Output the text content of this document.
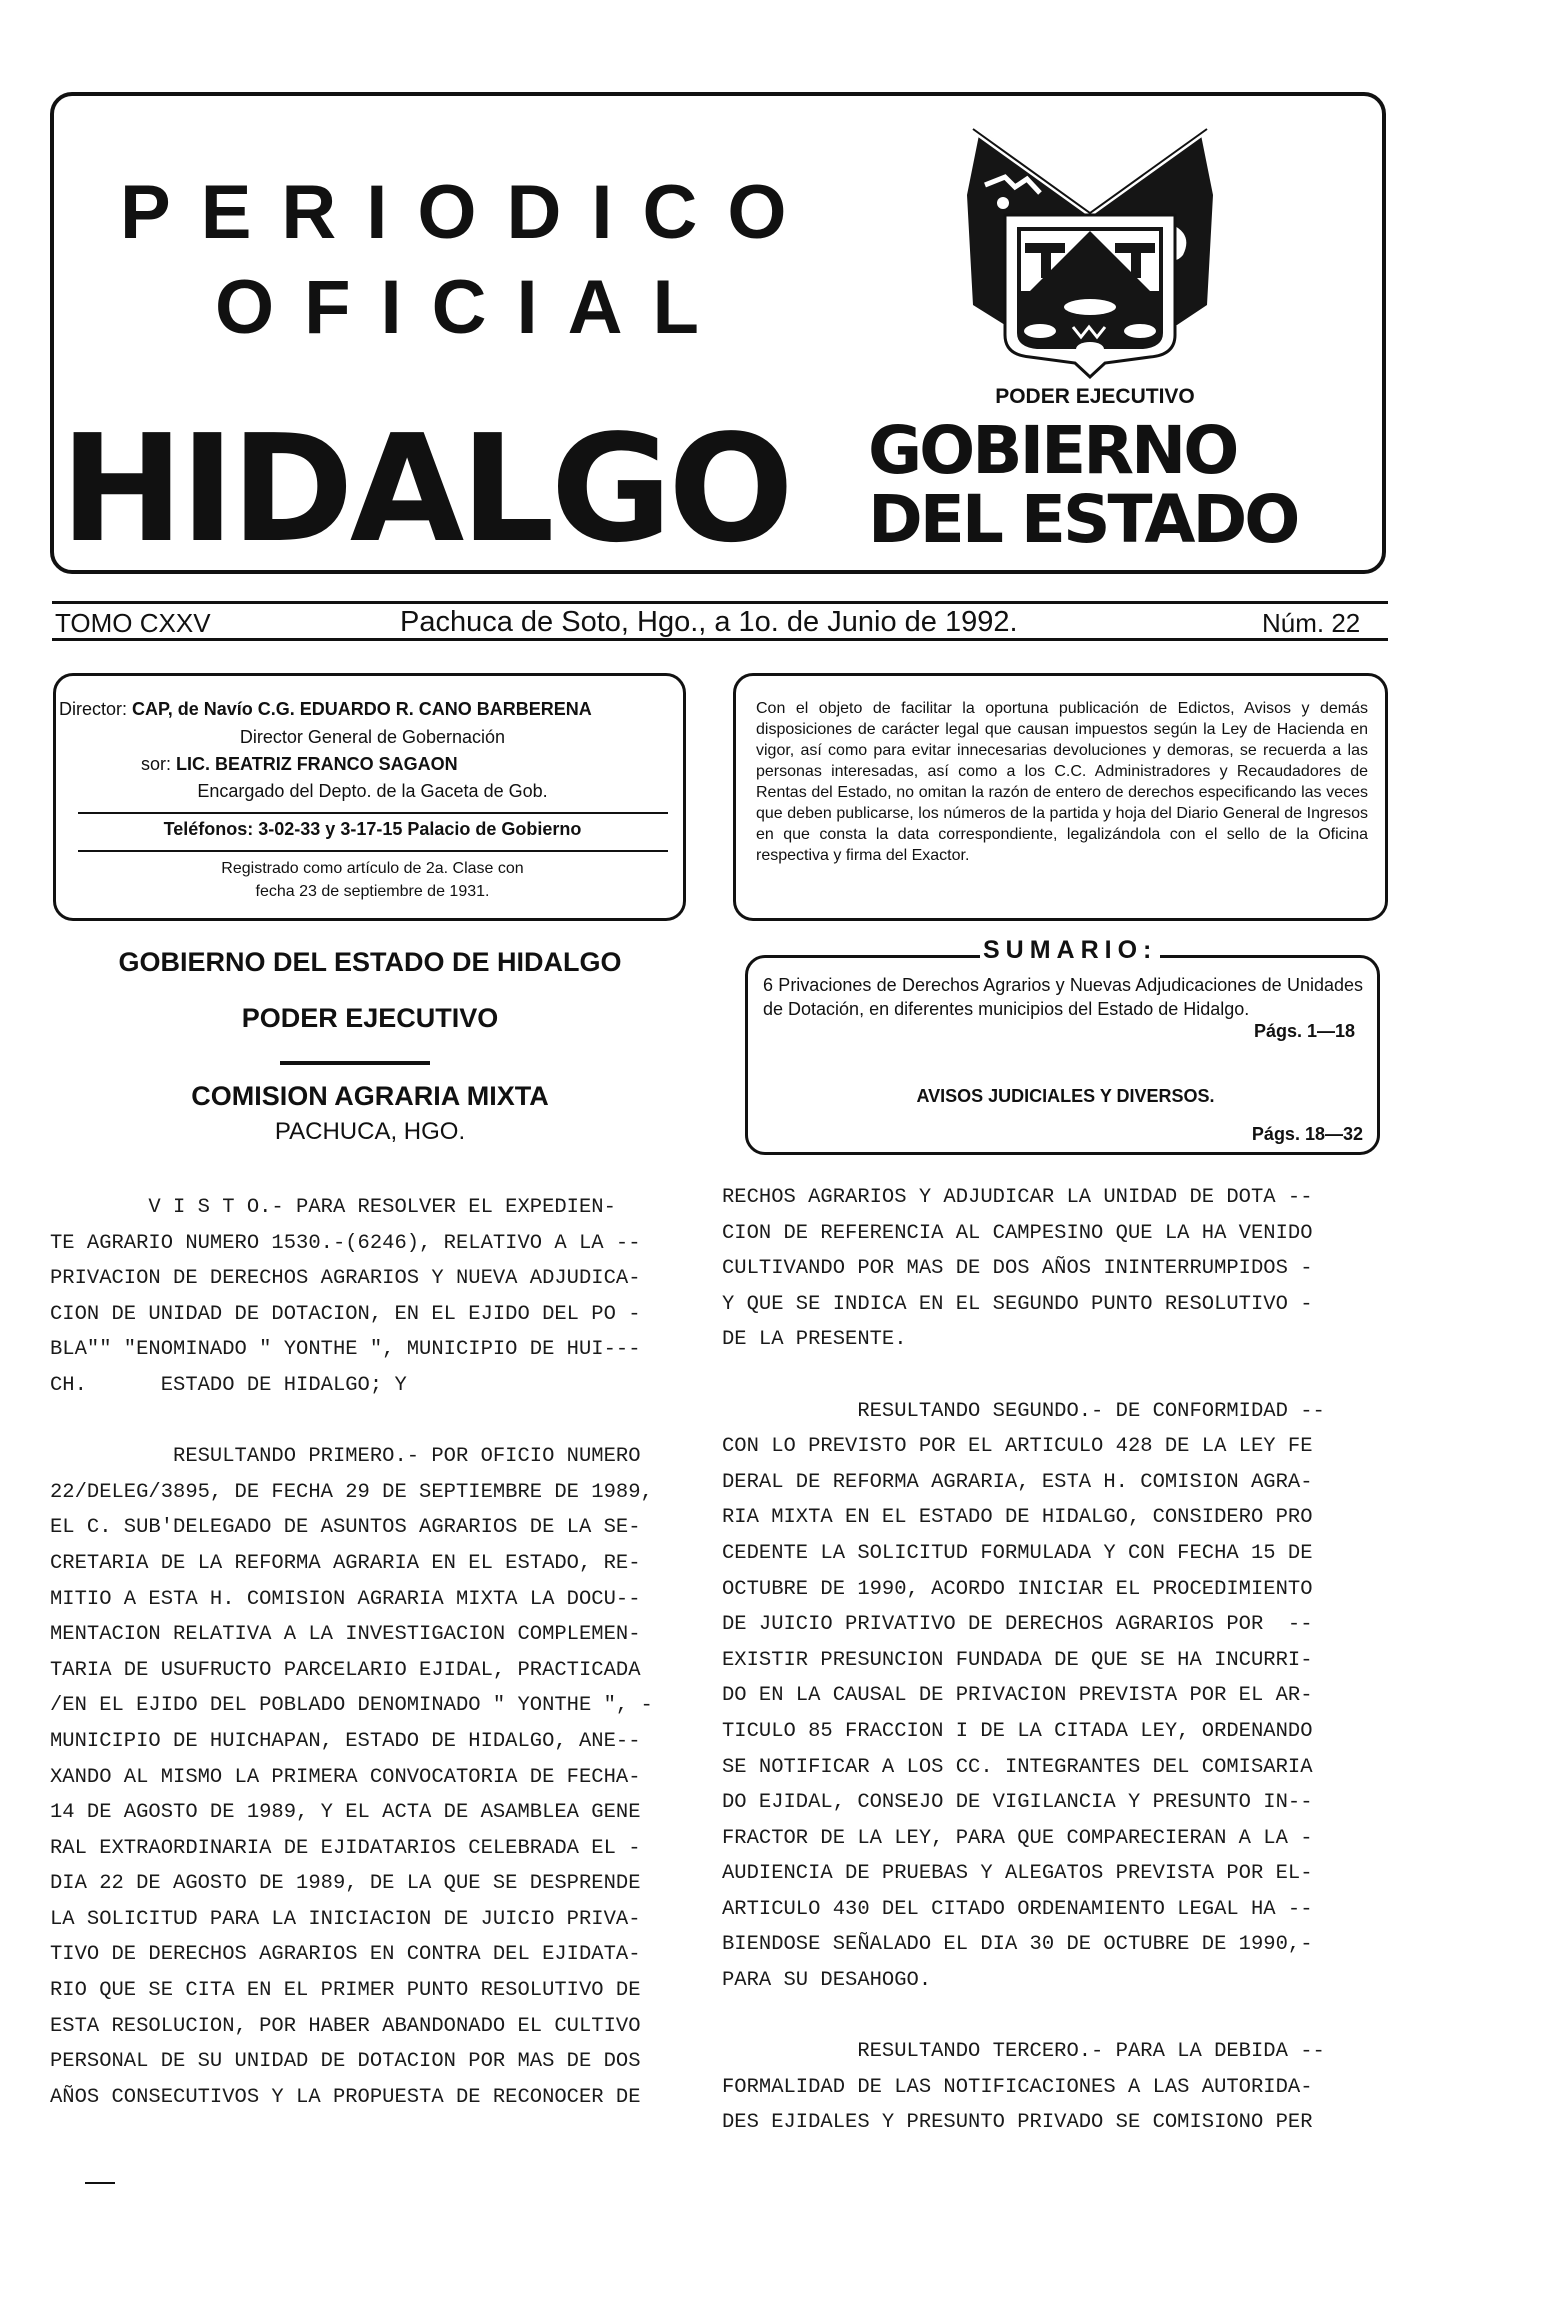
PERIODICO
OFICIAL
PODER EJECUTIVO
HIDALGO GOBIERNO
DEL ESTADO
TOMO CXXV	Pachuca de Soto, Hgo., a 1o. de Junio de 1992.	Núm. 22
Director: CAP, de Navío C.G. EDUARDO R. CANO BARBERENA
Director General de Gobernación
sor: LIC. BEATRIZ FRANCO SAGAON
Encargado del Depto. de la Gaceta de Gob.
Teléfonos: 3-02-33 y 3-17-15 Palacio de Gobierno
Registrado como artículo de 2a. Clase con
fecha 23 de septiembre de 1931.
Con el objeto de facilitar la oportuna publicación de Edictos, Avisos y demás disposiciones de carácter legal que causan impuestos según la Ley de Hacienda en vigor, así como para evitar innecesarias devoluciones y demoras, se recuerda a las personas interesadas, así como a los C.C. Administradores y Recaudadores de Rentas del Estado, no omitan la razón de entero de derechos especificando las veces que deben publicarse, los números de la partida y hoja del Diario General de Ingresos en que consta la data correspondiente, legalizándola con el sello de la Oficina respectiva y firma del Exactor.
GOBIERNO DEL ESTADO DE HIDALGO
PODER EJECUTIVO
COMISION AGRARIA MIXTA
PACHUCA, HGO.
6 Privaciones de Derechos Agrarios y Nuevas Adjudicaciones de Unidades de Dotación, en diferentes municipios del Estado de Hidalgo.
Págs. 1—18
AVISOS JUDICIALES Y DIVERSOS.
Págs. 18—32
SUMARIO:
V I S T O.- PARA RESOLVER EL EXPEDIEN-
TE AGRARIO NUMERO 1530.-(6246), RELATIVO A LA --
PRIVACION DE DERECHOS AGRARIOS Y NUEVA ADJUDICA-
CION DE UNIDAD DE DOTACION, EN EL EJIDO DEL PO -
BLA"" "ENOMINADO " YONTHE ", MUNICIPIO DE HUI---
CH.      ESTADO DE HIDALGO; Y
RESULTANDO PRIMERO.- POR OFICIO NUMERO
22/DELEG/3895, DE FECHA 29 DE SEPTIEMBRE DE 1989,
EL C. SUB'DELEGADO DE ASUNTOS AGRARIOS DE LA SE-
CRETARIA DE LA REFORMA AGRARIA EN EL ESTADO, RE-
MITIO A ESTA H. COMISION AGRARIA MIXTA LA DOCU--
MENTACION RELATIVA A LA INVESTIGACION COMPLEMEN-
TARIA DE USUFRUCTO PARCELARIO EJIDAL, PRACTICADA
/EN EL EJIDO DEL POBLADO DENOMINADO " YONTHE ", -
MUNICIPIO DE HUICHAPAN, ESTADO DE HIDALGO, ANE--
XANDO AL MISMO LA PRIMERA CONVOCATORIA DE FECHA-
14 DE AGOSTO DE 1989, Y EL ACTA DE ASAMBLEA GENE
RAL EXTRAORDINARIA DE EJIDATARIOS CELEBRADA EL -
DIA 22 DE AGOSTO DE 1989, DE LA QUE SE DESPRENDE
LA SOLICITUD PARA LA INICIACION DE JUICIO PRIVA-
TIVO DE DERECHOS AGRARIOS EN CONTRA DEL EJIDATA-
RIO QUE SE CITA EN EL PRIMER PUNTO RESOLUTIVO DE
ESTA RESOLUCION, POR HABER ABANDONADO EL CULTIVO
PERSONAL DE SU UNIDAD DE DOTACION POR MAS DE DOS
AÑOS CONSECUTIVOS Y LA PROPUESTA DE RECONOCER DE
RECHOS AGRARIOS Y ADJUDICAR LA UNIDAD DE DOTA --
CION DE REFERENCIA AL CAMPESINO QUE LA HA VENIDO
CULTIVANDO POR MAS DE DOS AÑOS ININTERRUMPIDOS -
Y QUE SE INDICA EN EL SEGUNDO PUNTO RESOLUTIVO -
DE LA PRESENTE.
RESULTANDO SEGUNDO.- DE CONFORMIDAD --
CON LO PREVISTO POR EL ARTICULO 428 DE LA LEY FE
DERAL DE REFORMA AGRARIA, ESTA H. COMISION AGRA-
RIA MIXTA EN EL ESTADO DE HIDALGO, CONSIDERO PRO
CEDENTE LA SOLICITUD FORMULADA Y CON FECHA 15 DE
OCTUBRE DE 1990, ACORDO INICIAR EL PROCEDIMIENTO
DE JUICIO PRIVATIVO DE DERECHOS AGRARIOS POR  --
EXISTIR PRESUNCION FUNDADA DE QUE SE HA INCURRI-
DO EN LA CAUSAL DE PRIVACION PREVISTA POR EL AR-
TICULO 85 FRACCION I DE LA CITADA LEY, ORDENANDO
SE NOTIFICAR A LOS CC. INTEGRANTES DEL COMISARIA
DO EJIDAL, CONSEJO DE VIGILANCIA Y PRESUNTO IN--
FRACTOR DE LA LEY, PARA QUE COMPARECIERAN A LA -
AUDIENCIA DE PRUEBAS Y ALEGATOS PREVISTA POR EL-
ARTICULO 430 DEL CITADO ORDENAMIENTO LEGAL HA --
BIENDOSE SEÑALADO EL DIA 30 DE OCTUBRE DE 1990,-
PARA SU DESAHOGO.
RESULTANDO TERCERO.- PARA LA DEBIDA --
FORMALIDAD DE LAS NOTIFICACIONES A LAS AUTORIDA-
DES EJIDALES Y PRESUNTO PRIVADO SE COMISIONO PER
